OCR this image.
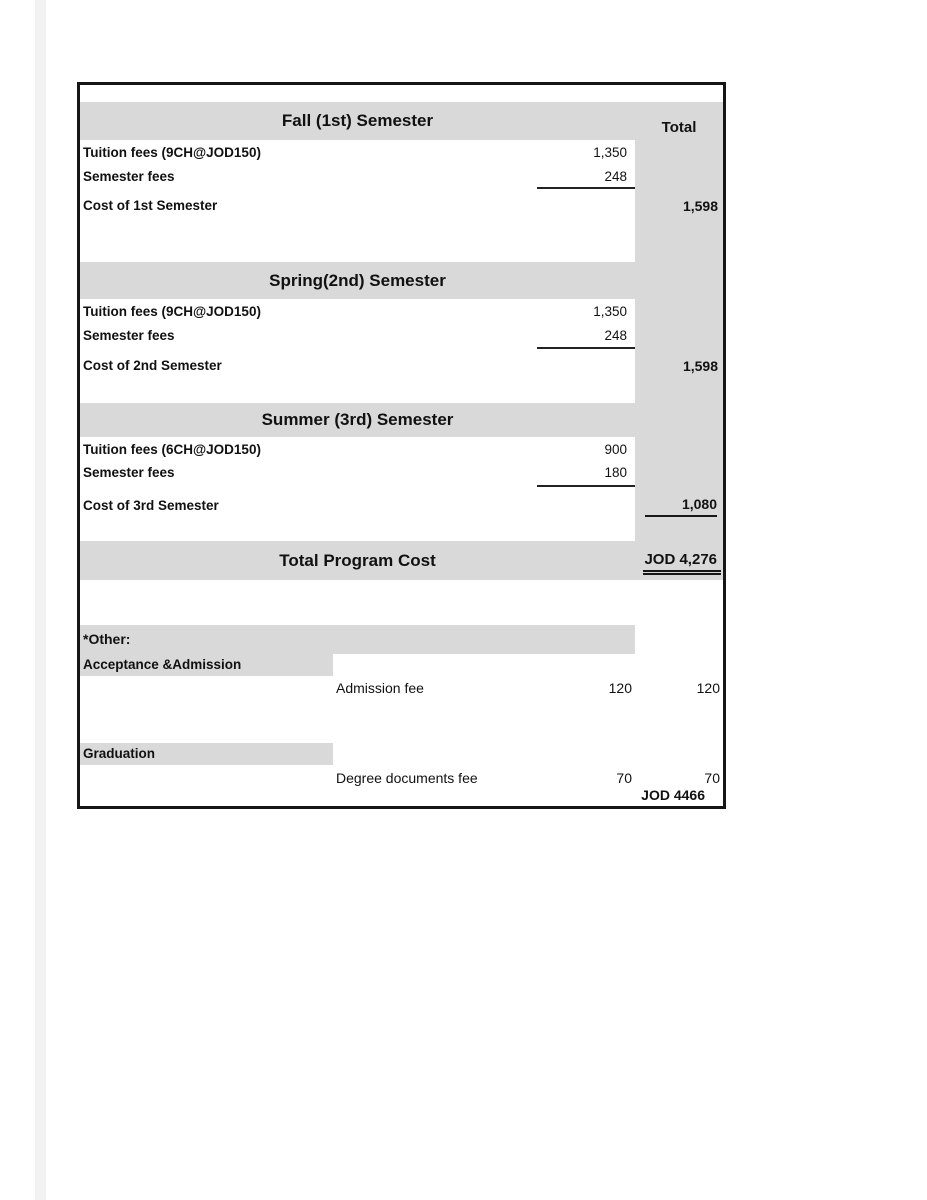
Total
Fall (1st) Semester
Tuition fees (9CH@JOD150)	1,350
Semester fees	248
Cost of 1st Semester	1,598
Spring(2nd) Semester
Tuition fees (9CH@JOD150)	1,350
Semester fees	248
Cost of 2nd Semester	1,598
Summer (3rd) Semester
Tuition fees (6CH@JOD150)	900
Semester fees	180
Cost of 3rd Semester	1,080
Total Program Cost	JOD 4,276
*Other:
Acceptance &Admission
Admission fee	120	120
Graduation
Degree documents fee	70	70
JOD 4466
